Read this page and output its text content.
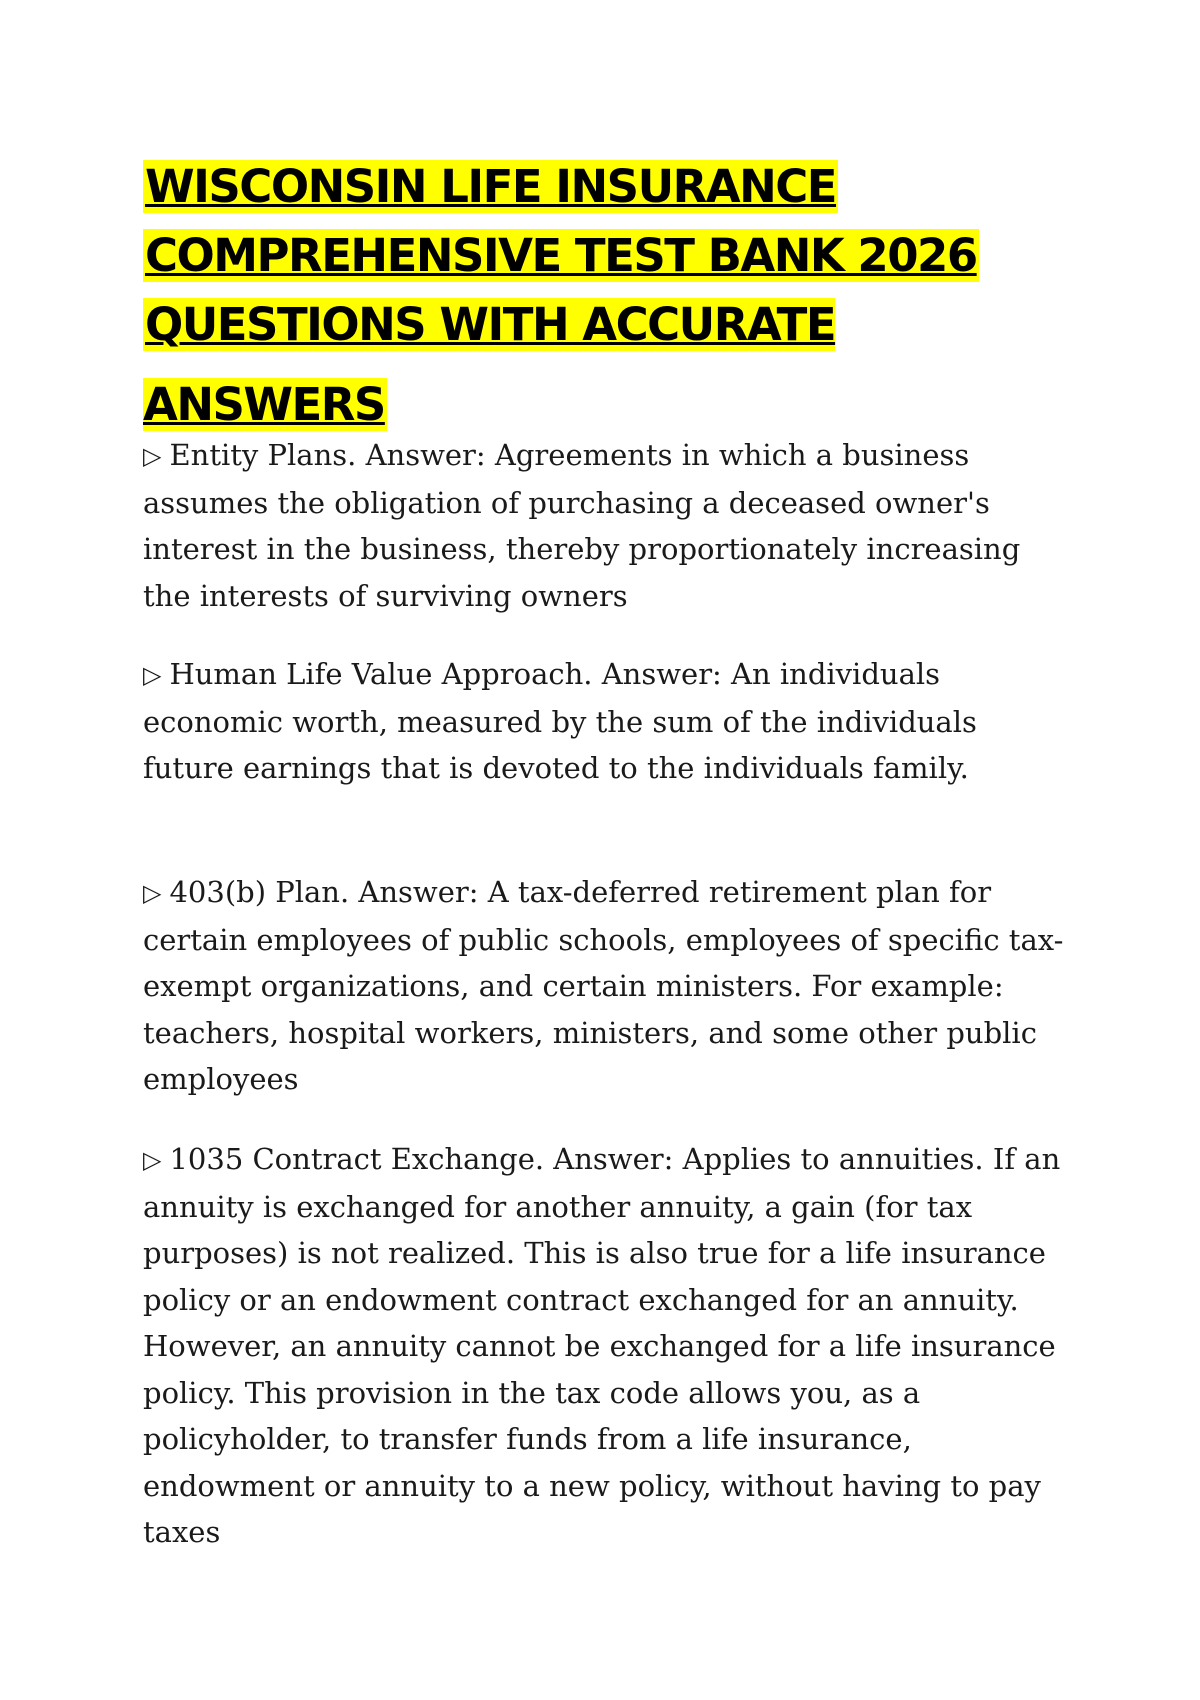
WISCONSIN LIFE INSURANCE
COMPREHENSIVE TEST BANK 2026
QUESTIONS WITH ACCURATE ANSWERS

▷ Entity Plans. Answer: Agreements in which a business assumes the obligation of purchasing a deceased owner's interest in the business, thereby proportionately increasing the interests of surviving owners

▷ Human Life Value Approach. Answer: An individuals economic worth, measured by the sum of the individuals future earnings that is devoted to the individuals family.

▷ 403(b) Plan. Answer: A tax-deferred retirement plan for certain employees of public schools, employees of specific tax-exempt organizations, and certain ministers. For example: teachers, hospital workers, ministers, and some other public employees

▷ 1035 Contract Exchange. Answer: Applies to annuities. If an annuity is exchanged for another annuity, a gain (for tax purposes) is not realized. This is also true for a life insurance policy or an endowment contract exchanged for an annuity. However, an annuity cannot be exchanged for a life insurance policy. This provision in the tax code allows you, as a policyholder, to transfer funds from a life insurance, endowment or annuity to a new policy, without having to pay taxes
